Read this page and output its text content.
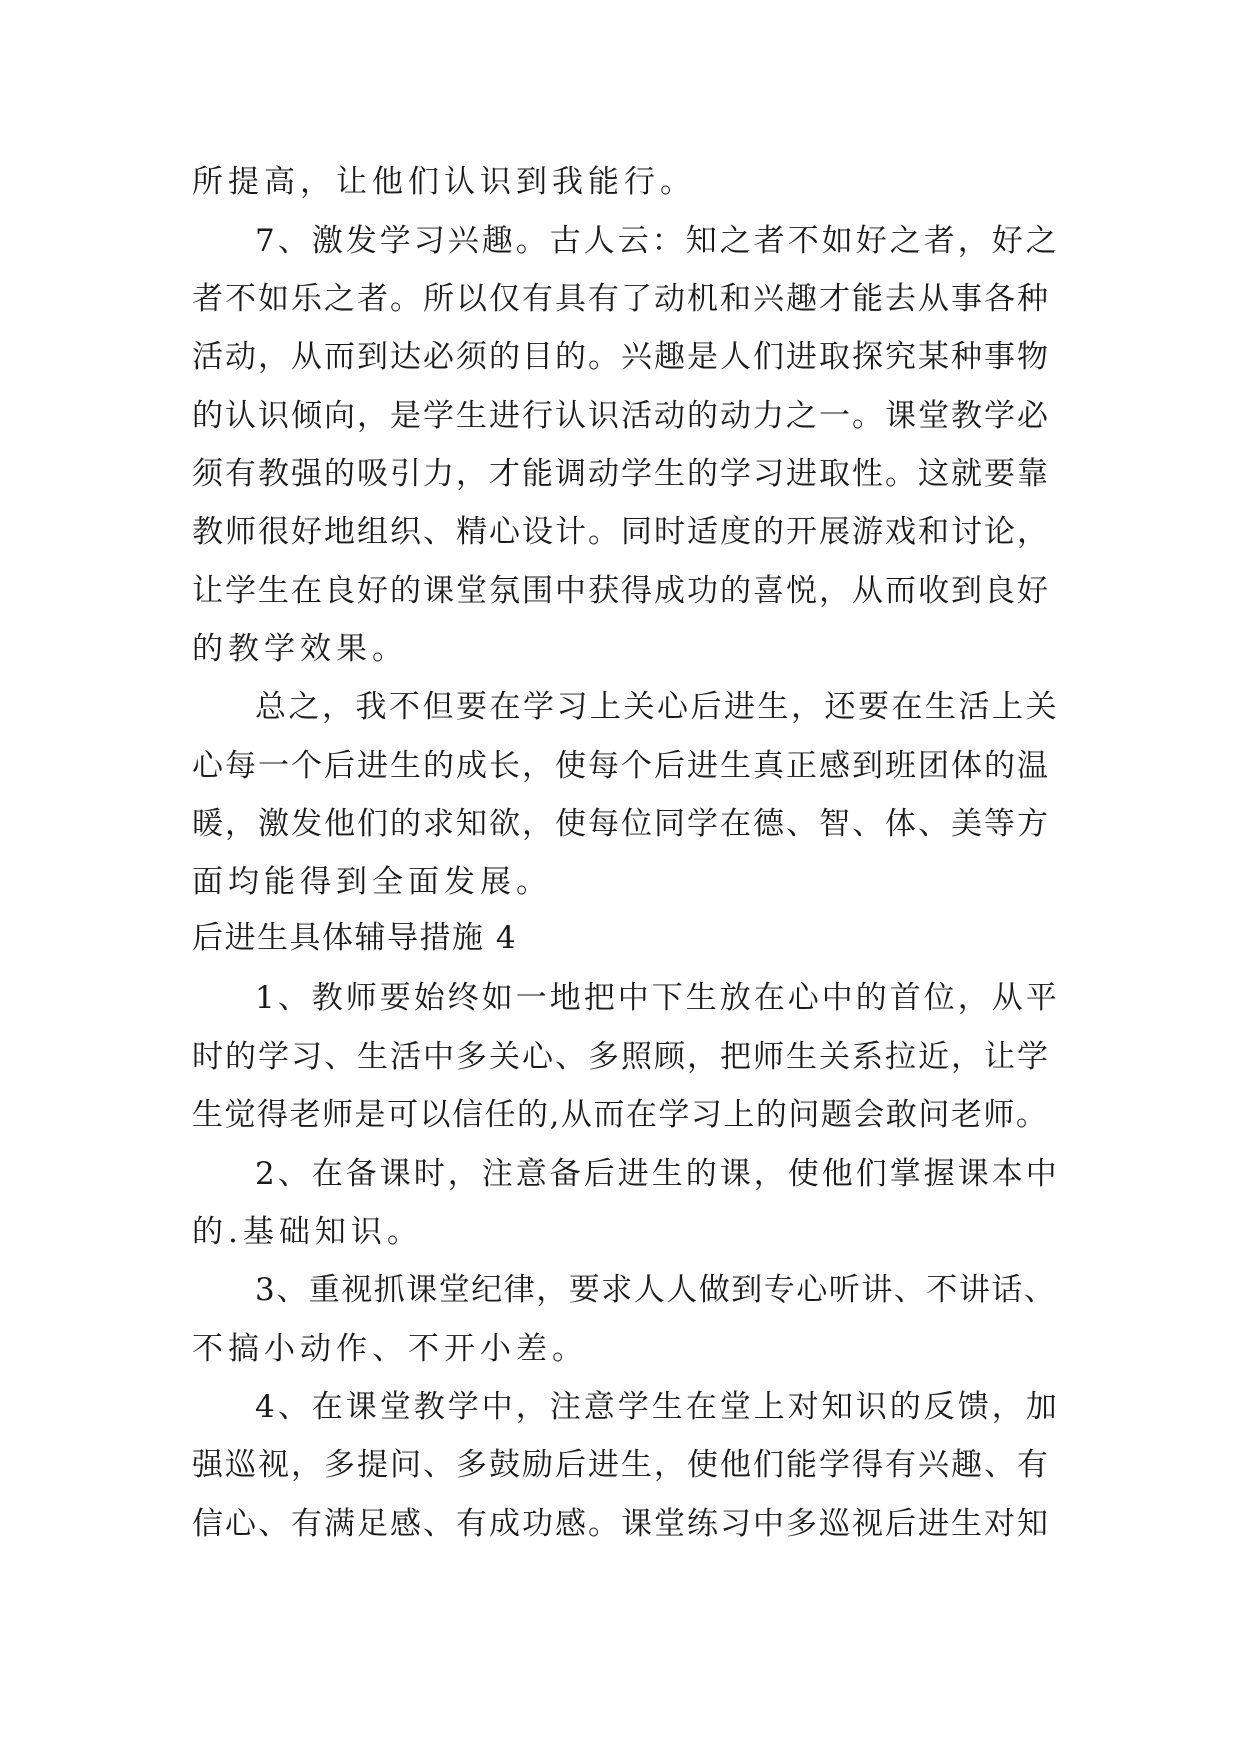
所提高，让他们认识到我能行。
7、激发学习兴趣。古人云：知之者不如好之者，好之
者不如乐之者。所以仅有具有了动机和兴趣才能去从事各种
活动，从而到达必须的目的。兴趣是人们进取探究某种事物
的认识倾向，是学生进行认识活动的动力之一。课堂教学必
须有教强的吸引力，才能调动学生的学习进取性。这就要靠
教师很好地组织、精心设计。同时适度的开展游戏和讨论，
让学生在良好的课堂氛围中获得成功的喜悦，从而收到良好
的教学效果。
总之，我不但要在学习上关心后进生，还要在生活上关
心每一个后进生的成长，使每个后进生真正感到班团体的温
暖，激发他们的求知欲，使每位同学在德、智、体、美等方
面均能得到全面发展。
后进生具体辅导措施 4
1、教师要始终如一地把中下生放在心中的首位，从平
时的学习、生活中多关心、多照顾，把师生关系拉近，让学
生觉得老师是可以信任的,从而在学习上的问题会敢问老师。
2、在备课时，注意备后进生的课，使他们掌握课本中
的.基础知识。
3、重视抓课堂纪律，要求人人做到专心听讲、不讲话、
不搞小动作、不开小差。
4、在课堂教学中，注意学生在堂上对知识的反馈，加
强巡视，多提问、多鼓励后进生，使他们能学得有兴趣、有
信心、有满足感、有成功感。课堂练习中多巡视后进生对知
